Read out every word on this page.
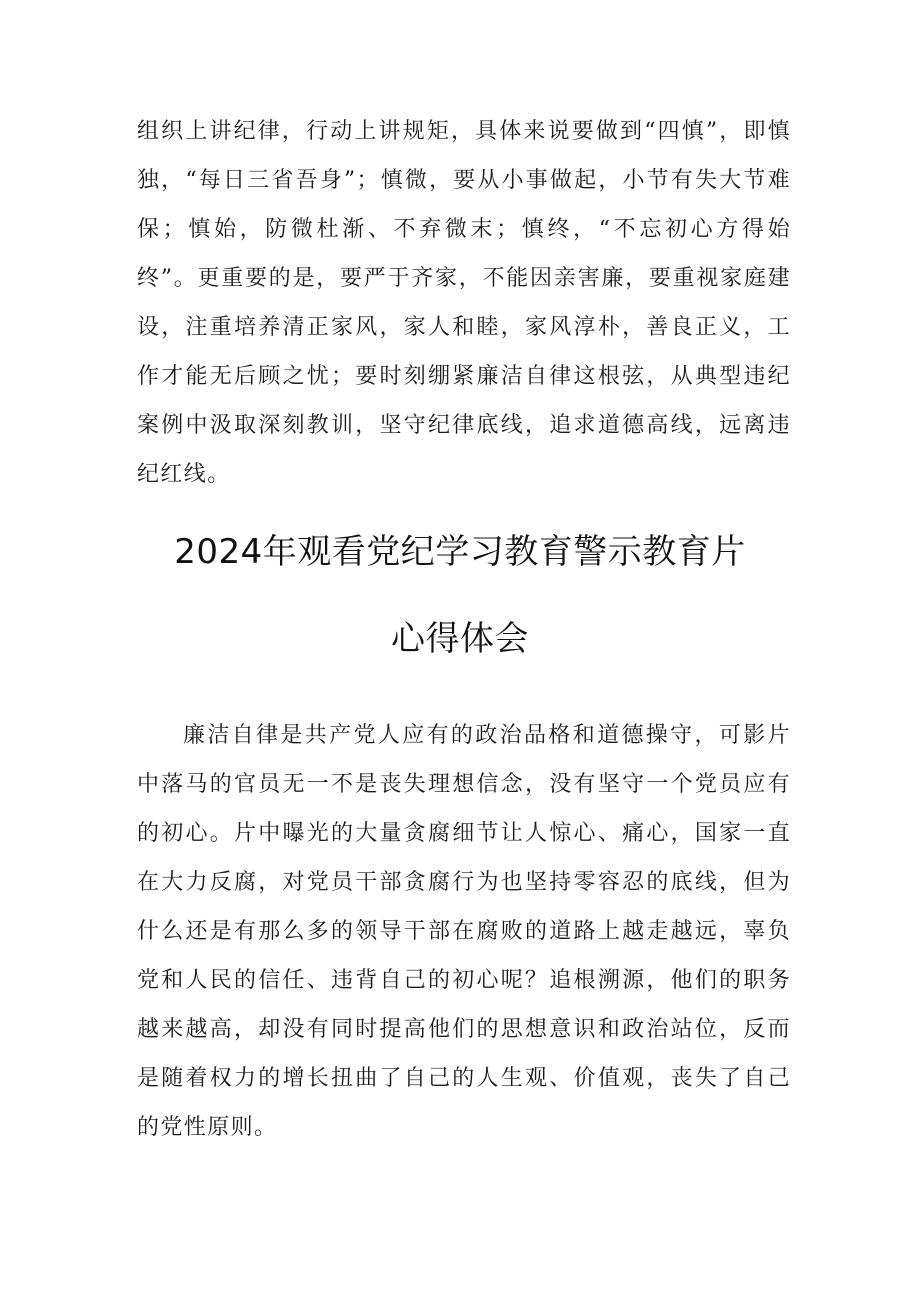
组织上讲纪律，行动上讲规矩，具体来说要做到“四慎”，即慎独，“每日三省吾身”；慎微，要从小事做起，小节有失大节难保；慎始，防微杜渐、不弃微末；慎终，“不忘初心方得始终”。更重要的是，要严于齐家，不能因亲害廉，要重视家庭建设，注重培养清正家风，家人和睦，家风淳朴，善良正义，工作才能无后顾之忧；要时刻绷紧廉洁自律这根弦，从典型违纪案例中汲取深刻教训，坚守纪律底线，追求道德高线，远离违纪红线。

2024年观看党纪学习教育警示教育片
心得体会

廉洁自律是共产党人应有的政治品格和道德操守，可影片中落马的官员无一不是丧失理想信念，没有坚守一个党员应有的初心。片中曝光的大量贪腐细节让人惊心、痛心，国家一直在大力反腐，对党员干部贪腐行为也坚持零容忍的底线，但为什么还是有那么多的领导干部在腐败的道路上越走越远，辜负党和人民的信任、违背自己的初心呢？追根溯源，他们的职务越来越高，却没有同时提高他们的思想意识和政治站位，反而是随着权力的增长扭曲了自己的人生观、价值观，丧失了自己的党性原则。
